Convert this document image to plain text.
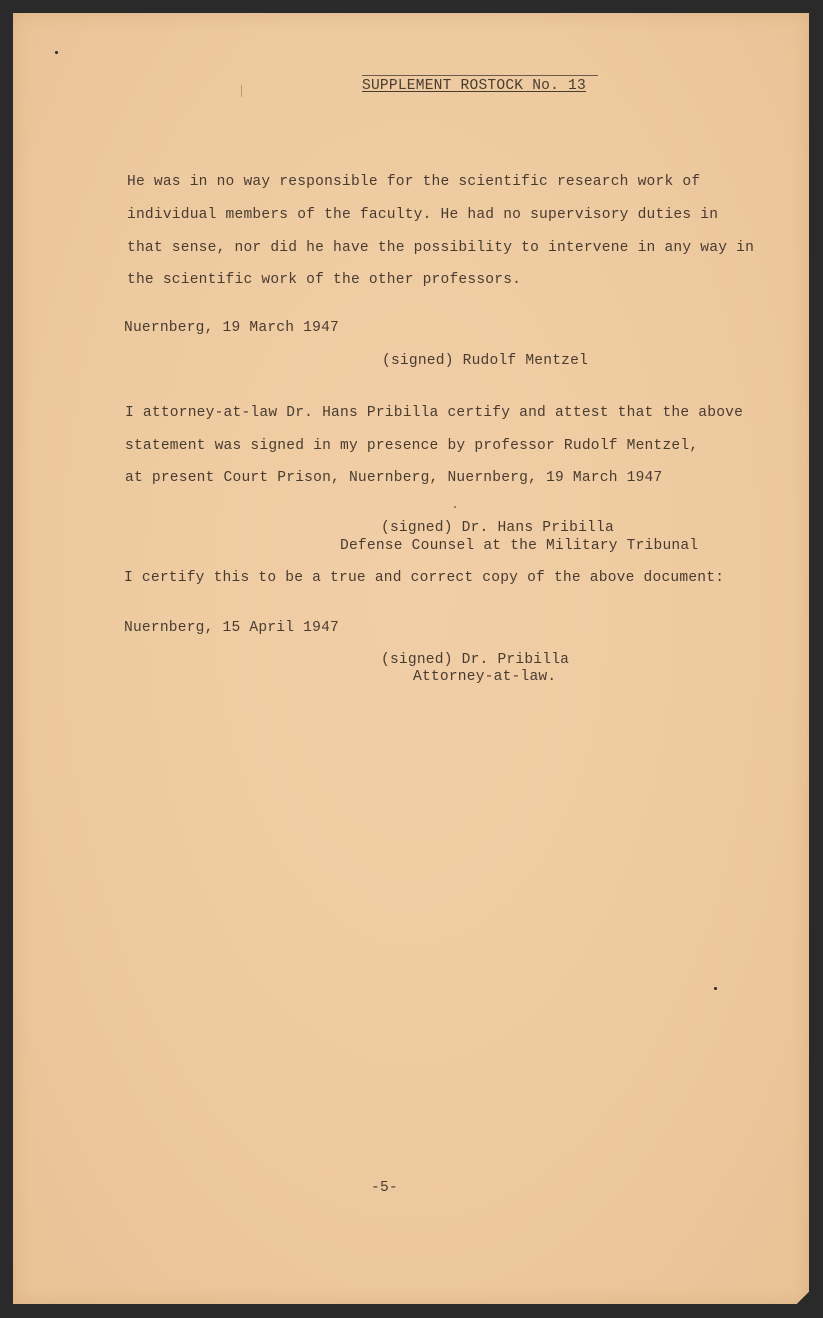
SUPPLEMENT ROSTOCK No. 13

He was in no way responsible for the scientific research work of

individual members of the faculty. He had no supervisory duties in

that sense, nor did he have the possibility to intervene in any way in

the scientific work of the other professors.

Nuernberg, 19 March 1947

(signed) Rudolf Mentzel

I attorney-at-law Dr. Hans Pribilla certify and attest that the above

statement was signed in my presence by professor Rudolf Mentzel,

at present Court Prison, Nuernberg, Nuernberg, 19 March 1947

(signed) Dr. Hans Pribilla

Defense Counsel at the Military Tribunal

I certify this to be a true and correct copy of the above document:

Nuernberg, 15 April 1947

(signed) Dr. Pribilla

Attorney-at-law.

-5-
